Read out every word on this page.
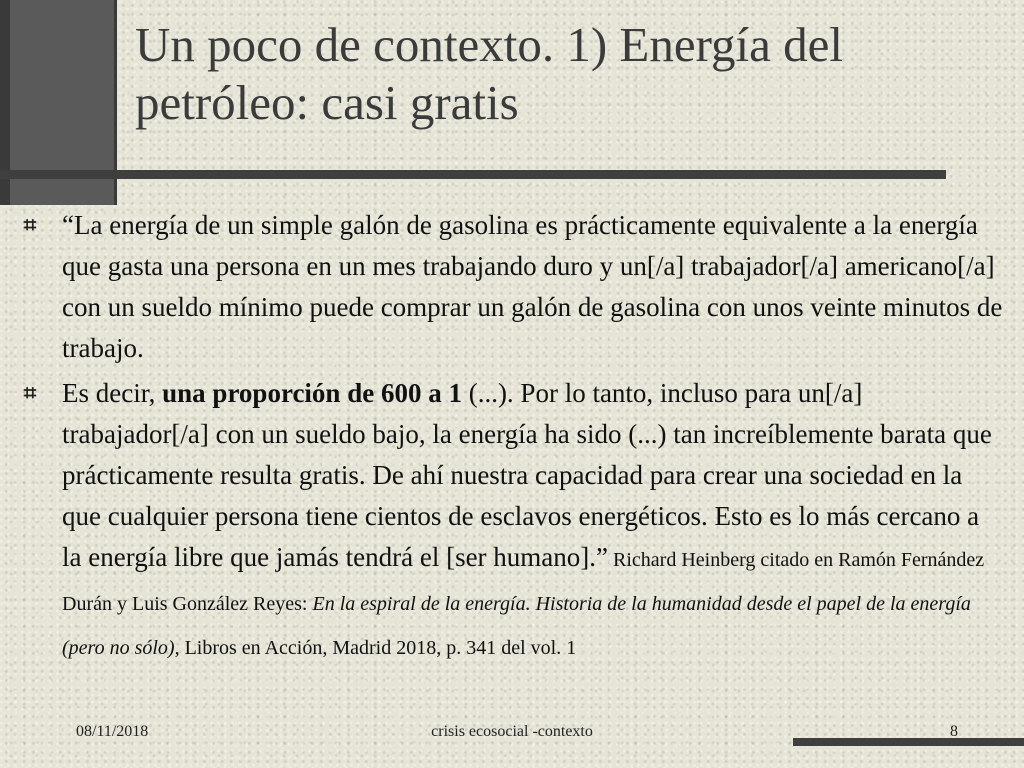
Un poco de contexto. 1) Energía del petróleo: casi gratis
⌗ “La energía de un simple galón de gasolina es prácticamente equivalente a la energía que gasta una persona en un mes trabajando duro y un[/a] trabajador[/a] americano[/a] con un sueldo mínimo puede comprar un galón de gasolina con unos veinte minutos de trabajo.
⌗ Es decir, una proporción de 600 a 1 (...). Por lo tanto, incluso para un[/a] trabajador[/a] con un sueldo bajo, la energía ha sido (...) tan increíblemente barata que prácticamente resulta gratis. De ahí nuestra capacidad para crear una sociedad en la que cualquier persona tiene cientos de esclavos energéticos. Esto es lo más cercano a la energía libre que jamás tendrá el [ser humano].” Richard Heinberg citado en Ramón Fernández Durán y Luis González Reyes: En la espiral de la energía. Historia de la humanidad desde el papel de la energía (pero no sólo), Libros en Acción, Madrid 2018, p. 341 del vol. 1
08/11/2018	crisis ecosocial -contexto	8
